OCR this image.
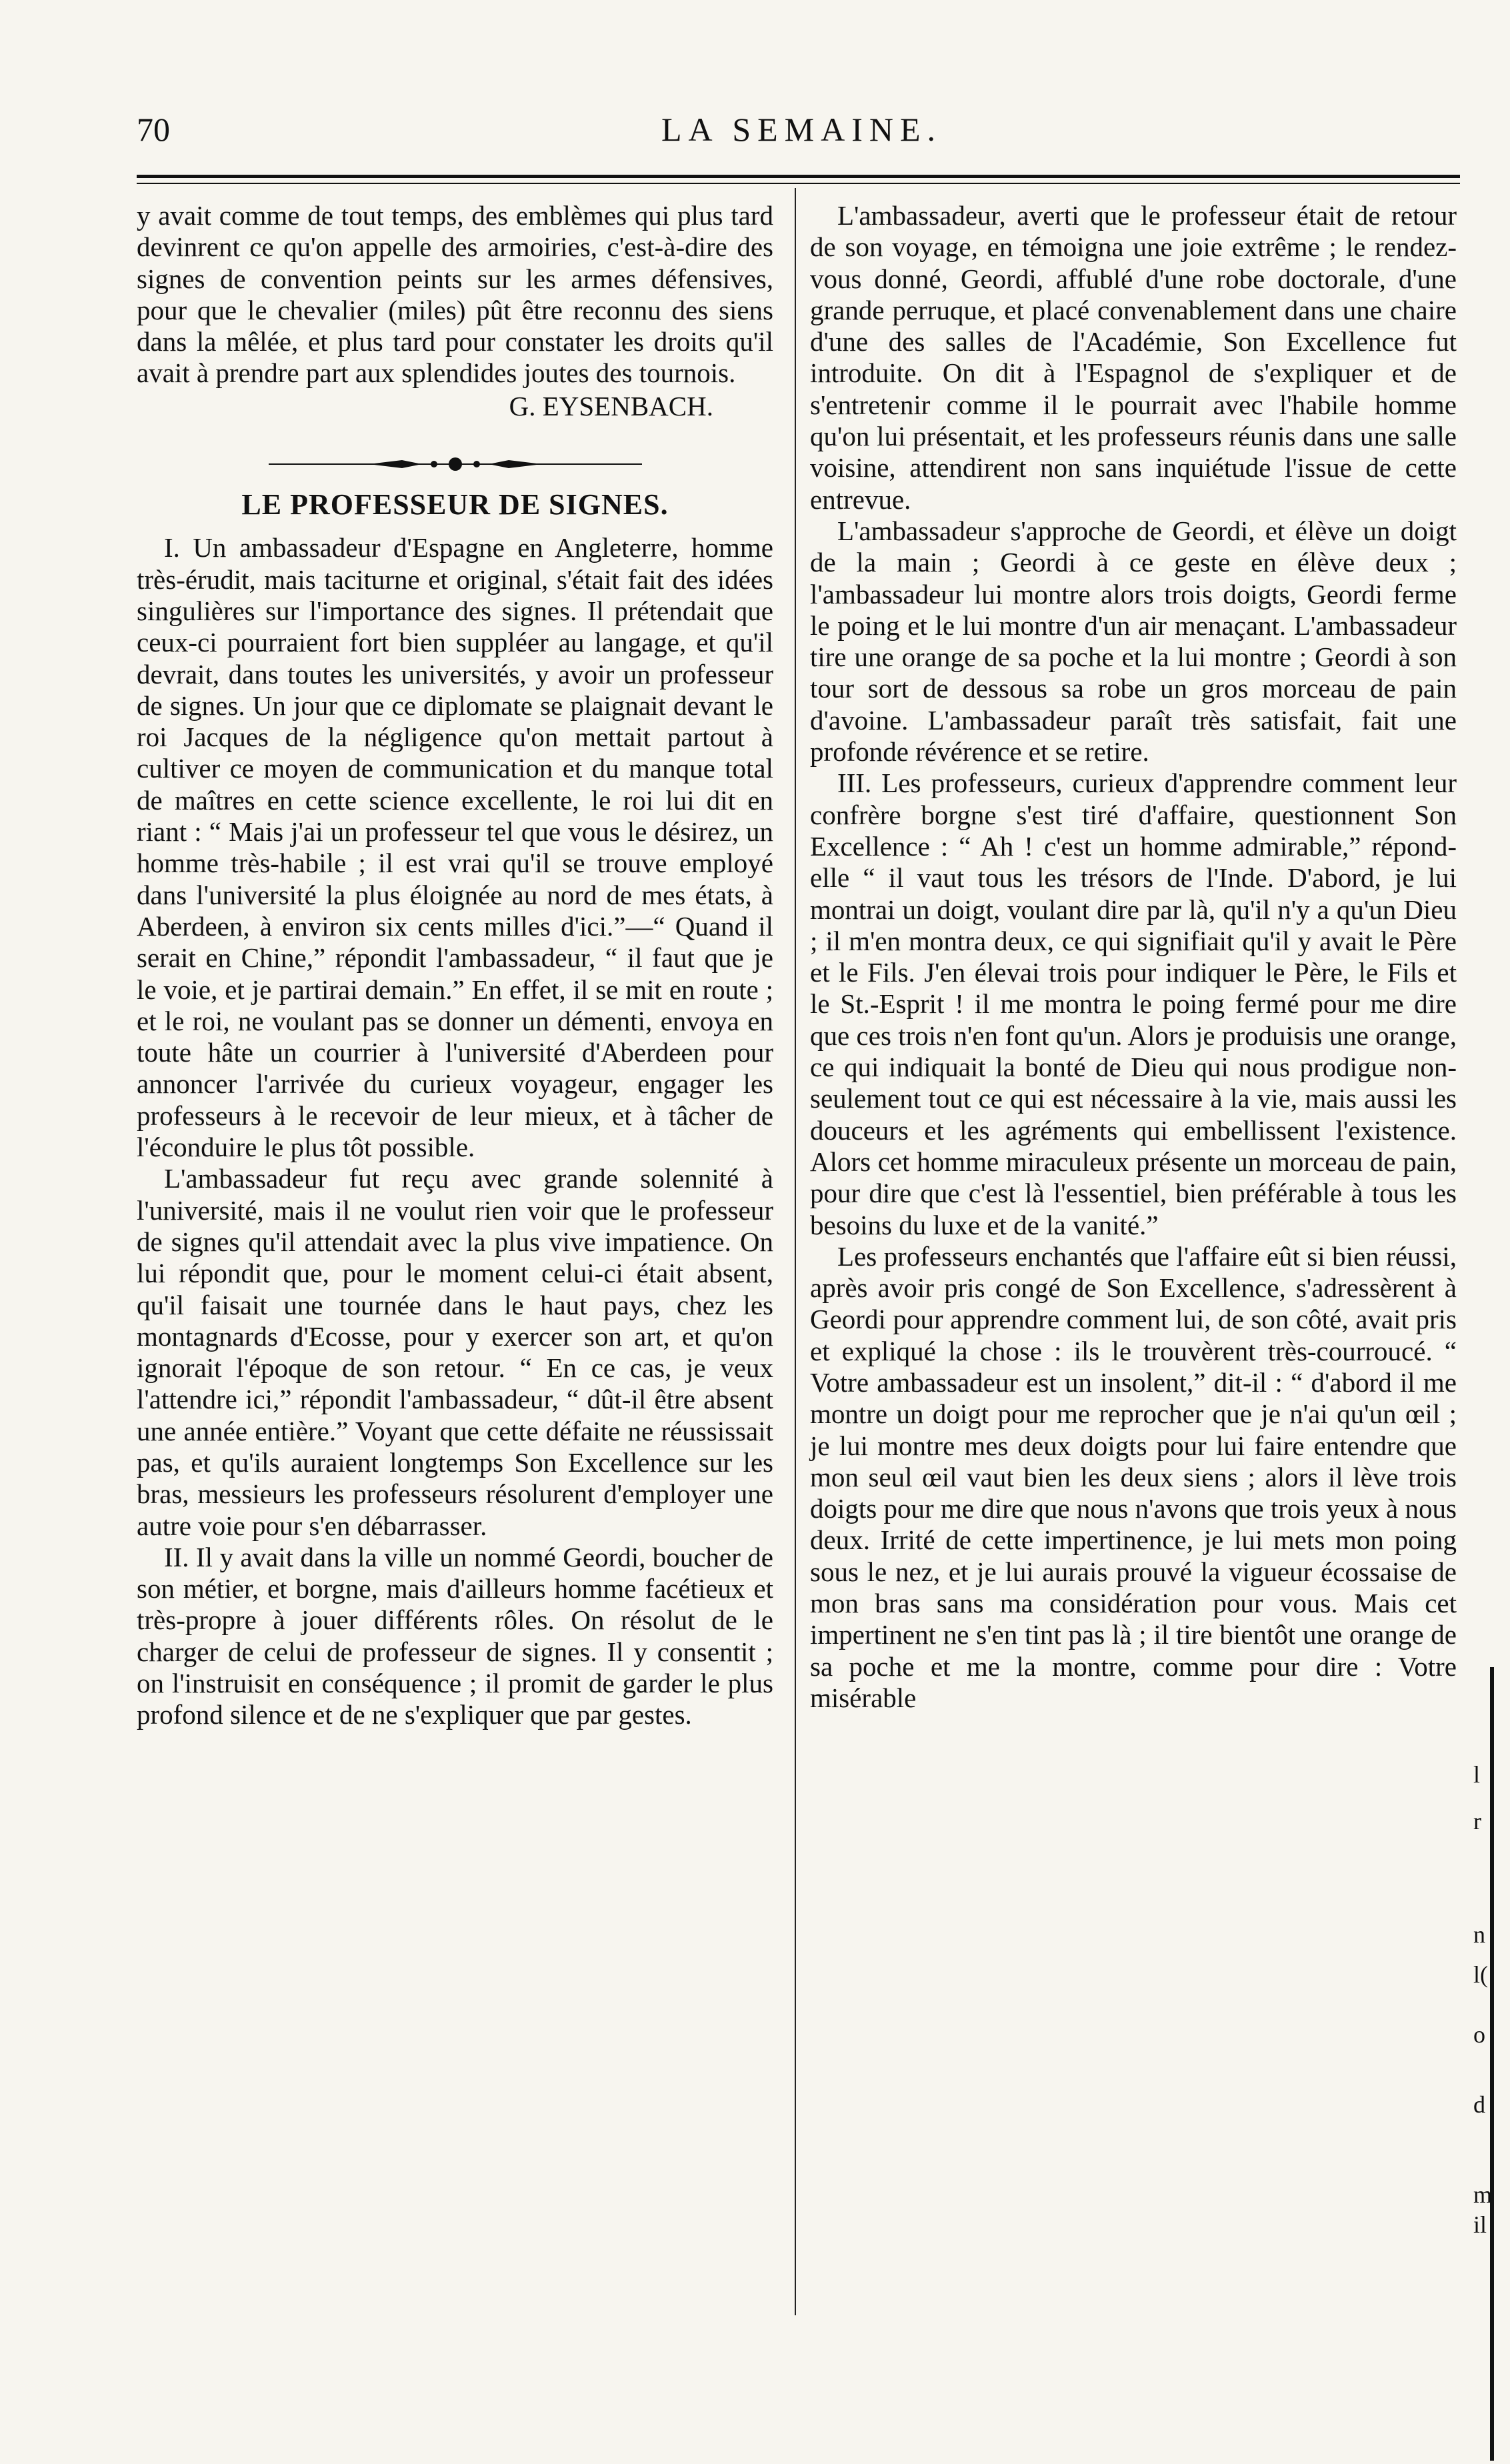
70	LA SEMAINE.

y avait comme de tout temps, des emblèmes qui plus tard devinrent ce qu'on appelle des armoiries, c'est-à-dire des signes de convention peints sur les armes défensives, pour que le chevalier (miles) pût être reconnu des siens dans la mêlée, et plus tard pour constater les droits qu'il avait à prendre part aux splendides joutes des tournois.

G. EYSENBACH.

LE PROFESSEUR DE SIGNES.

I. Un ambassadeur d'Espagne en Angleterre, homme très-érudit, mais taciturne et original, s'était fait des idées singulières sur l'importance des signes. Il prétendait que ceux-ci pourraient fort bien suppléer au langage, et qu'il devrait, dans toutes les universités, y avoir un professeur de signes. Un jour que ce diplomate se plaignait devant le roi Jacques de la négligence qu'on mettait partout à cultiver ce moyen de communication et du manque total de maîtres en cette science excellente, le roi lui dit en riant : “ Mais j'ai un professeur tel que vous le désirez, un homme très-habile ; il est vrai qu'il se trouve employé dans l'université la plus éloignée au nord de mes états, à Aberdeen, à environ six cents milles d'ici.”—“ Quand il serait en Chine,” répondit l'ambassadeur, “ il faut que je le voie, et je partirai demain.” En effet, il se mit en route ; et le roi, ne voulant pas se donner un démenti, envoya en toute hâte un courrier à l'université d'Aberdeen pour annoncer l'arrivée du curieux voyageur, engager les professeurs à le recevoir de leur mieux, et à tâcher de l'éconduire le plus tôt possible.

L'ambassadeur fut reçu avec grande solennité à l'université, mais il ne voulut rien voir que le professeur de signes qu'il attendait avec la plus vive impatience. On lui répondit que, pour le moment celui-ci était absent, qu'il faisait une tournée dans le haut pays, chez les montagnards d'Ecosse, pour y exercer son art, et qu'on ignorait l'époque de son retour. “ En ce cas, je veux l'attendre ici,” répondit l'ambassadeur, “ dût-il être absent une année entière.” Voyant que cette défaite ne réussissait pas, et qu'ils auraient longtemps Son Excellence sur les bras, messieurs les professeurs résolurent d'employer une autre voie pour s'en débarrasser.

II. Il y avait dans la ville un nommé Geordi, boucher de son métier, et borgne, mais d'ailleurs homme facétieux et très-propre à jouer différents rôles. On résolut de le charger de celui de professeur de signes. Il y consentit ; on l'instruisit en conséquence ; il promit de garder le plus profond silence et de ne s'expliquer que par gestes.

L'ambassadeur, averti que le professeur était de retour de son voyage, en témoigna une joie extrême ; le rendez-vous donné, Geordi, affublé d'une robe doctorale, d'une grande perruque, et placé convenablement dans une chaire d'une des salles de l'Académie, Son Excellence fut introduite. On dit à l'Espagnol de s'expliquer et de s'entretenir comme il le pourrait avec l'habile homme qu'on lui présentait, et les professeurs réunis dans une salle voisine, attendirent non sans inquiétude l'issue de cette entrevue.

L'ambassadeur s'approche de Geordi, et élève un doigt de la main ; Geordi à ce geste en élève deux ; l'ambassadeur lui montre alors trois doigts, Geordi ferme le poing et le lui montre d'un air menaçant. L'ambassadeur tire une orange de sa poche et la lui montre ; Geordi à son tour sort de dessous sa robe un gros morceau de pain d'avoine. L'ambassadeur paraît très satisfait, fait une profonde révérence et se retire.

III. Les professeurs, curieux d'apprendre comment leur confrère borgne s'est tiré d'affaire, questionnent Son Excellence : “ Ah ! c'est un homme admirable,” répond-elle “ il vaut tous les trésors de l'Inde. D'abord, je lui montrai un doigt, voulant dire par là, qu'il n'y a qu'un Dieu ; il m'en montra deux, ce qui signifiait qu'il y avait le Père et le Fils. J'en élevai trois pour indiquer le Père, le Fils et le St.-Esprit ! il me montra le poing fermé pour me dire que ces trois n'en font qu'un. Alors je produisis une orange, ce qui indiquait la bonté de Dieu qui nous prodigue non-seulement tout ce qui est nécessaire à la vie, mais aussi les douceurs et les agréments qui embellissent l'existence. Alors cet homme miraculeux présente un morceau de pain, pour dire que c'est là l'essentiel, bien préférable à tous les besoins du luxe et de la vanité.”

Les professeurs enchantés que l'affaire eût si bien réussi, après avoir pris congé de Son Excellence, s'adressèrent à Geordi pour apprendre comment lui, de son côté, avait pris et expliqué la chose : ils le trouvèrent très-courroucé. “ Votre ambassadeur est un insolent,” dit-il : “ d'abord il me montre un doigt pour me reprocher que je n'ai qu'un œil ; je lui montre mes deux doigts pour lui faire entendre que mon seul œil vaut bien les deux siens ; alors il lève trois doigts pour me dire que nous n'avons que trois yeux à nous deux. Irrité de cette impertinence, je lui mets mon poing sous le nez, et je lui aurais prouvé la vigueur écossaise de mon bras sans ma considération pour vous. Mais cet impertinent ne s'en tint pas là ; il tire bientôt une orange de sa poche et me la montre, comme pour dire : Votre misérable

l
r
n
l(
o
d
m
il
